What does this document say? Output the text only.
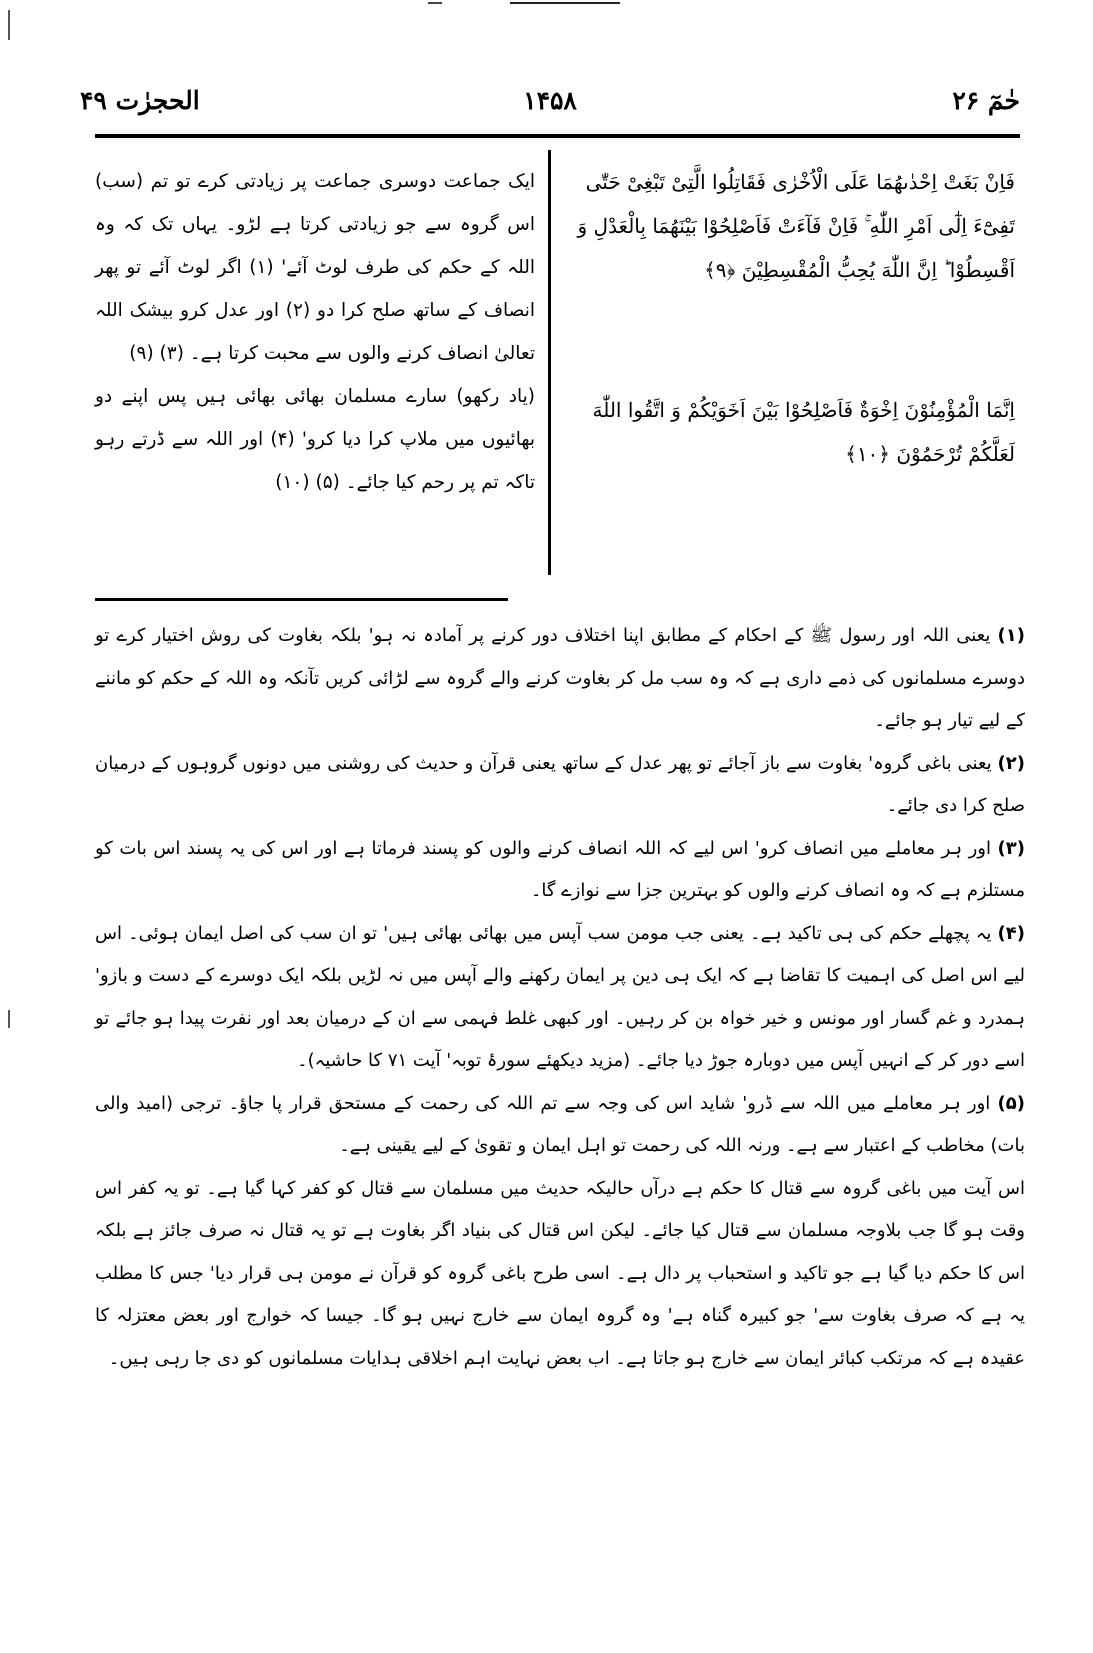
حٰمٓ ۲۶
۱۴۵۸
الحجرٰت ۴۹

فَاِنْ بَغَتْ اِحْدٰىهُمَا عَلَى الْاُخْرٰى فَقَاتِلُوا الَّتِیْ تَبْغِیْ حَتّٰى تَفِیْٓءَ اِلٰٓى اَمْرِ اللّٰهِ ۚ فَاِنْ فَآءَتْ فَاَصْلِحُوْا بَیْنَهُمَا بِالْعَدْلِ وَ اَقْسِطُوْا ؕ اِنَّ اللّٰهَ یُحِبُّ الْمُقْسِطِیْنَ ﴿۹﴾

اِنَّمَا الْمُؤْمِنُوْنَ اِخْوَةٌ فَاَصْلِحُوْا بَیْنَ اَخَوَیْكُمْ وَ اتَّقُوا اللّٰهَ لَعَلَّكُمْ تُرْحَمُوْنَ ﴿۱۰﴾

ایک جماعت دوسری جماعت پر زیادتی کرے تو تم (سب) اس گروہ سے جو زیادتی کرتا ہے لڑو۔ یہاں تک کہ وہ اللہ کے حکم کی طرف لوٹ آئے' (۱) اگر لوٹ آئے تو پھر انصاف کے ساتھ صلح کرا دو (۲) اور عدل کرو بیشک اللہ تعالیٰ انصاف کرنے والوں سے محبت کرتا ہے۔ (۳) (۹)

(یاد رکھو) سارے مسلمان بھائی بھائی ہیں پس اپنے دو بھائیوں میں ملاپ کرا دیا کرو' (۴) اور اللہ سے ڈرتے رہو تاکہ تم پر رحم کیا جائے۔ (۵) (۱۰)

(۱) یعنی اللہ اور رسول ﷺ کے احکام کے مطابق اپنا اختلاف دور کرنے پر آمادہ نہ ہو' بلکہ بغاوت کی روش اختیار کرے تو دوسرے مسلمانوں کی ذمے داری ہے کہ وہ سب مل کر بغاوت کرنے والے گروہ سے لڑائی کریں تآنکہ وہ اللہ کے حکم کو ماننے کے لیے تیار ہو جائے۔

(۲) یعنی باغی گروہ' بغاوت سے باز آجائے تو پھر عدل کے ساتھ یعنی قرآن و حدیث کی روشنی میں دونوں گروہوں کے درمیان صلح کرا دی جائے۔

(۳) اور ہر معاملے میں انصاف کرو' اس لیے کہ اللہ انصاف کرنے والوں کو پسند فرماتا ہے اور اس کی یہ پسند اس بات کو مستلزم ہے کہ وہ انصاف کرنے والوں کو بہترین جزا سے نوازے گا۔

(۴) یہ پچھلے حکم کی ہی تاکید ہے۔ یعنی جب مومن سب آپس میں بھائی بھائی ہیں' تو ان سب کی اصل ایمان ہوئی۔ اس لیے اس اصل کی اہمیت کا تقاضا ہے کہ ایک ہی دین پر ایمان رکھنے والے آپس میں نہ لڑیں بلکہ ایک دوسرے کے دست و بازو' ہمدرد و غم گسار اور مونس و خیر خواہ بن کر رہیں۔ اور کبھی غلط فہمی سے ان کے درمیان بعد اور نفرت پیدا ہو جائے تو اسے دور کر کے انہیں آپس میں دوبارہ جوڑ دیا جائے۔ (مزید دیکھئے سورۂ توبہ' آیت ۷۱ کا حاشیہ)۔

(۵) اور ہر معاملے میں اللہ سے ڈرو' شاید اس کی وجہ سے تم اللہ کی رحمت کے مستحق قرار پا جاؤ۔ ترجی (امید والی بات) مخاطب کے اعتبار سے ہے۔ ورنہ اللہ کی رحمت تو اہل ایمان و تقویٰ کے لیے یقینی ہے۔

اس آیت میں باغی گروہ سے قتال کا حکم ہے درآں حالیکہ حدیث میں مسلمان سے قتال کو کفر کہا گیا ہے۔ تو یہ کفر اس وقت ہو گا جب بلاوجہ مسلمان سے قتال کیا جائے۔ لیکن اس قتال کی بنیاد اگر بغاوت ہے تو یہ قتال نہ صرف جائز ہے بلکہ اس کا حکم دیا گیا ہے جو تاکید و استحباب پر دال ہے۔ اسی طرح باغی گروہ کو قرآن نے مومن ہی قرار دیا' جس کا مطلب یہ ہے کہ صرف بغاوت سے' جو کبیرہ گناہ ہے' وہ گروہ ایمان سے خارج نہیں ہو گا۔ جیسا کہ خوارج اور بعض معتزلہ کا عقیدہ ہے کہ مرتکب کبائر ایمان سے خارج ہو جاتا ہے۔ اب بعض نہایت اہم اخلاقی ہدایات مسلمانوں کو دی جا رہی ہیں۔
